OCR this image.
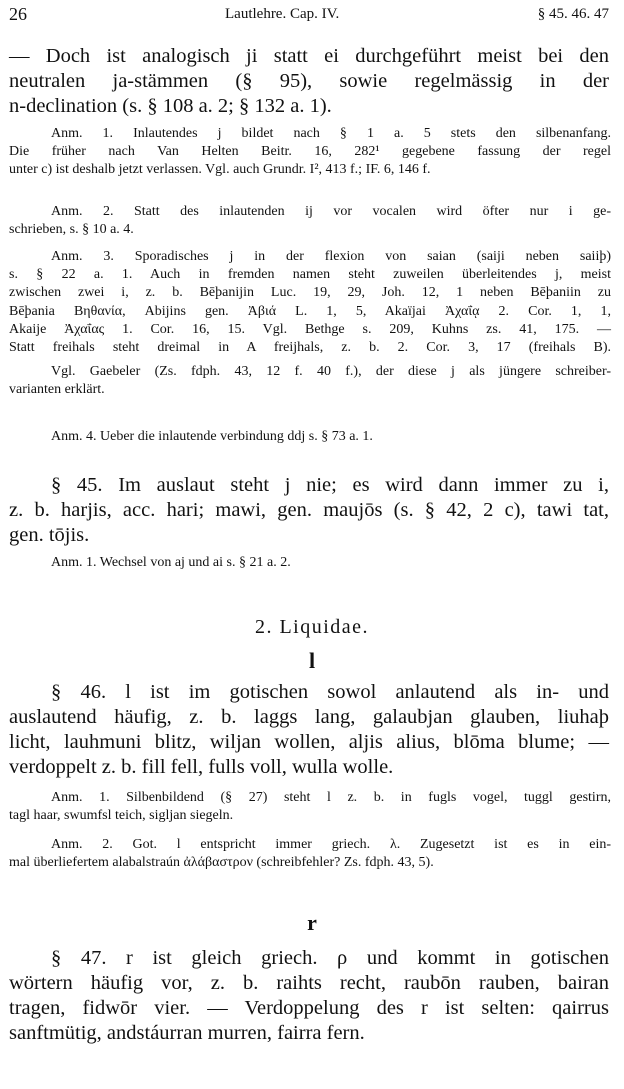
26	Lautlehre. Cap. IV.	§ 45. 46. 47
— Doch ist analogisch ji statt ei durchgeführt meist bei den
neutralen ja-stämmen (§ 95), sowie regelmässig in der
n-declination (s. § 108 a. 2; § 132 a. 1).
Anm. 1. Inlautendes j bildet nach § 1 a. 5 stets den silbenanfang.
Die früher nach Van Helten Beitr. 16, 282¹ gegebene fassung der regel
unter c) ist deshalb jetzt verlassen. Vgl. auch Grundr. I², 413 f.; IF. 6, 146 f.
Anm. 2. Statt des inlautenden ij vor vocalen wird öfter nur i ge-
schrieben, s. § 10 a. 4.
Anm. 3. Sporadisches j in der flexion von saian (saiji neben saiiþ)
s. § 22 a. 1. Auch in fremden namen steht zuweilen überleitendes j, meist
zwischen zwei i, z. b. Bēþanijin Luc. 19, 29, Joh. 12, 1 neben Bēþaniin zu
Bēþania Βηθανία, Abijins gen. Ἀβιά L. 1, 5, Akaïjai Ἀχαΐᾳ 2. Cor. 1, 1,
Akaije Ἀχαΐας 1. Cor. 16, 15. Vgl. Bethge s. 209, Kuhns zs. 41, 175. —
Statt freihals steht dreimal in A freijhals, z. b. 2. Cor. 3, 17 (freihals B).
Vgl. Gaebeler (Zs. fdph. 43, 12 f. 40 f.), der diese j als jüngere schreiber-
varianten erklärt.
Anm. 4. Ueber die inlautende verbindung ddj s. § 73 a. 1.
§ 45. Im auslaut steht j nie; es wird dann immer zu i,
z. b. harjis, acc. hari; mawi, gen. maujōs (s. § 42, 2 c), tawi tat,
gen. tōjis.
Anm. 1. Wechsel von aj und ai s. § 21 a. 2.
2. Liquidae.
l
§ 46. l ist im gotischen sowol anlautend als in- und
auslautend häufig, z. b. laggs lang, galaubjan glauben, liuhaþ
licht, lauhmuni blitz, wiljan wollen, aljis alius, blōma blume; —
verdoppelt z. b. fill fell, fulls voll, wulla wolle.
Anm. 1. Silbenbildend (§ 27) steht l z. b. in fugls vogel, tuggl gestirn,
tagl haar, swumfsl teich, sigljan siegeln.
Anm. 2. Got. l entspricht immer griech. λ. Zugesetzt ist es in ein-
mal überliefertem alabalstraún ἀλάβαστρον (schreibfehler? Zs. fdph. 43, 5).
r
§ 47. r ist gleich griech. ρ und kommt in gotischen
wörtern häufig vor, z. b. raihts recht, raubōn rauben, bairan
tragen, fidwōr vier. — Verdoppelung des r ist selten: qairrus
sanftmütig, andstáurran murren, fairra fern.
